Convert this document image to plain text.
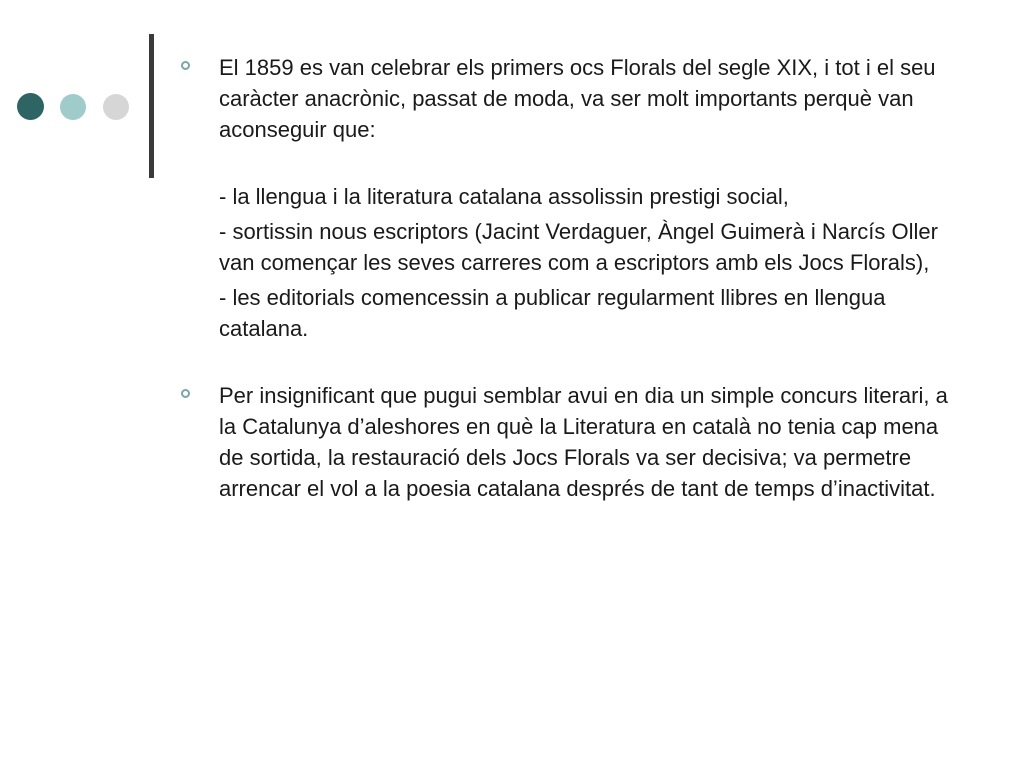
El 1859 es van celebrar els primers ocs Florals del segle XIX, i tot i el seu caràcter anacrònic, passat de moda, va ser molt importants perquè van aconseguir que:
- la llengua i la literatura catalana assolissin prestigi social,
- sortissin nous escriptors (Jacint Verdaguer, Àngel Guimerà i Narcís Oller van començar les seves carreres com a escriptors amb els Jocs Florals),
- les editorials comencessin a publicar regularment llibres en llengua catalana.
Per insignificant que pugui semblar avui en dia un simple concurs literari, a la Catalunya d’aleshores en què la Literatura en català no tenia cap mena de sortida, la restauració dels Jocs Florals va ser decisiva; va permetre arrencar el vol a la poesia catalana després de tant de temps d’inactivitat.
